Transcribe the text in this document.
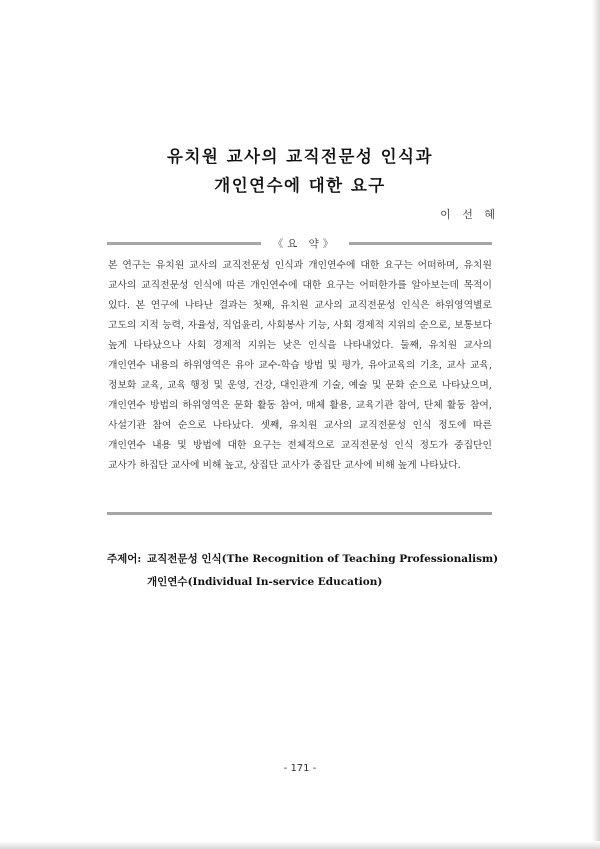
유치원 교사의 교직전문성 인식과
개인연수에 대한 요구
이 선 혜
《요 약》

본 연구는 유치원 교사의 교직전문성 인식과 개인연수에 대한 요구는 어떠하며, 유치원 교사의 교직전문성 인식에 따른 개인연수에 대한 요구는 어떠한가를 알아보는데 목적이 있다. 본 연구에 나타난 결과는 첫째, 유치원 교사의 교직전문성 인식은 하위영역별로 고도의 지적 능력, 자율성, 직업윤리, 사회봉사 기능, 사회 경제적 지위의 순으로, 보통보다 높게 나타났으나 사회 경제적 지위는 낮은 인식을 나타내었다. 둘째, 유치원 교사의 개인연수 내용의 하위영역은 유아 교수-학습 방법 및 평가, 유아교육의 기초, 교사 교육, 정보화 교육, 교육 행정 및 운영, 건강, 대인관계 기술, 예술 및 문화 순으로 나타났으며, 개인연수 방법의 하위영역은 문화 활동 참여, 매체 활용, 교육기관 참여, 단체 활동 참여, 사설기관 참여 순으로 나타났다. 셋째, 유치원 교사의 교직전문성 인식 정도에 따른 개인연수 내용 및 방법에 대한 요구는 전체적으로 교직전문성 인식 정도가 중집단인 교사가 하집단 교사에 비해 높고, 상집단 교사가 중집단 교사에 비해 높게 나타났다.

주제어: 교직전문성 인식(The Recognition of Teaching Professionalism)
개인연수(Individual In-service Education)
- 171 -
